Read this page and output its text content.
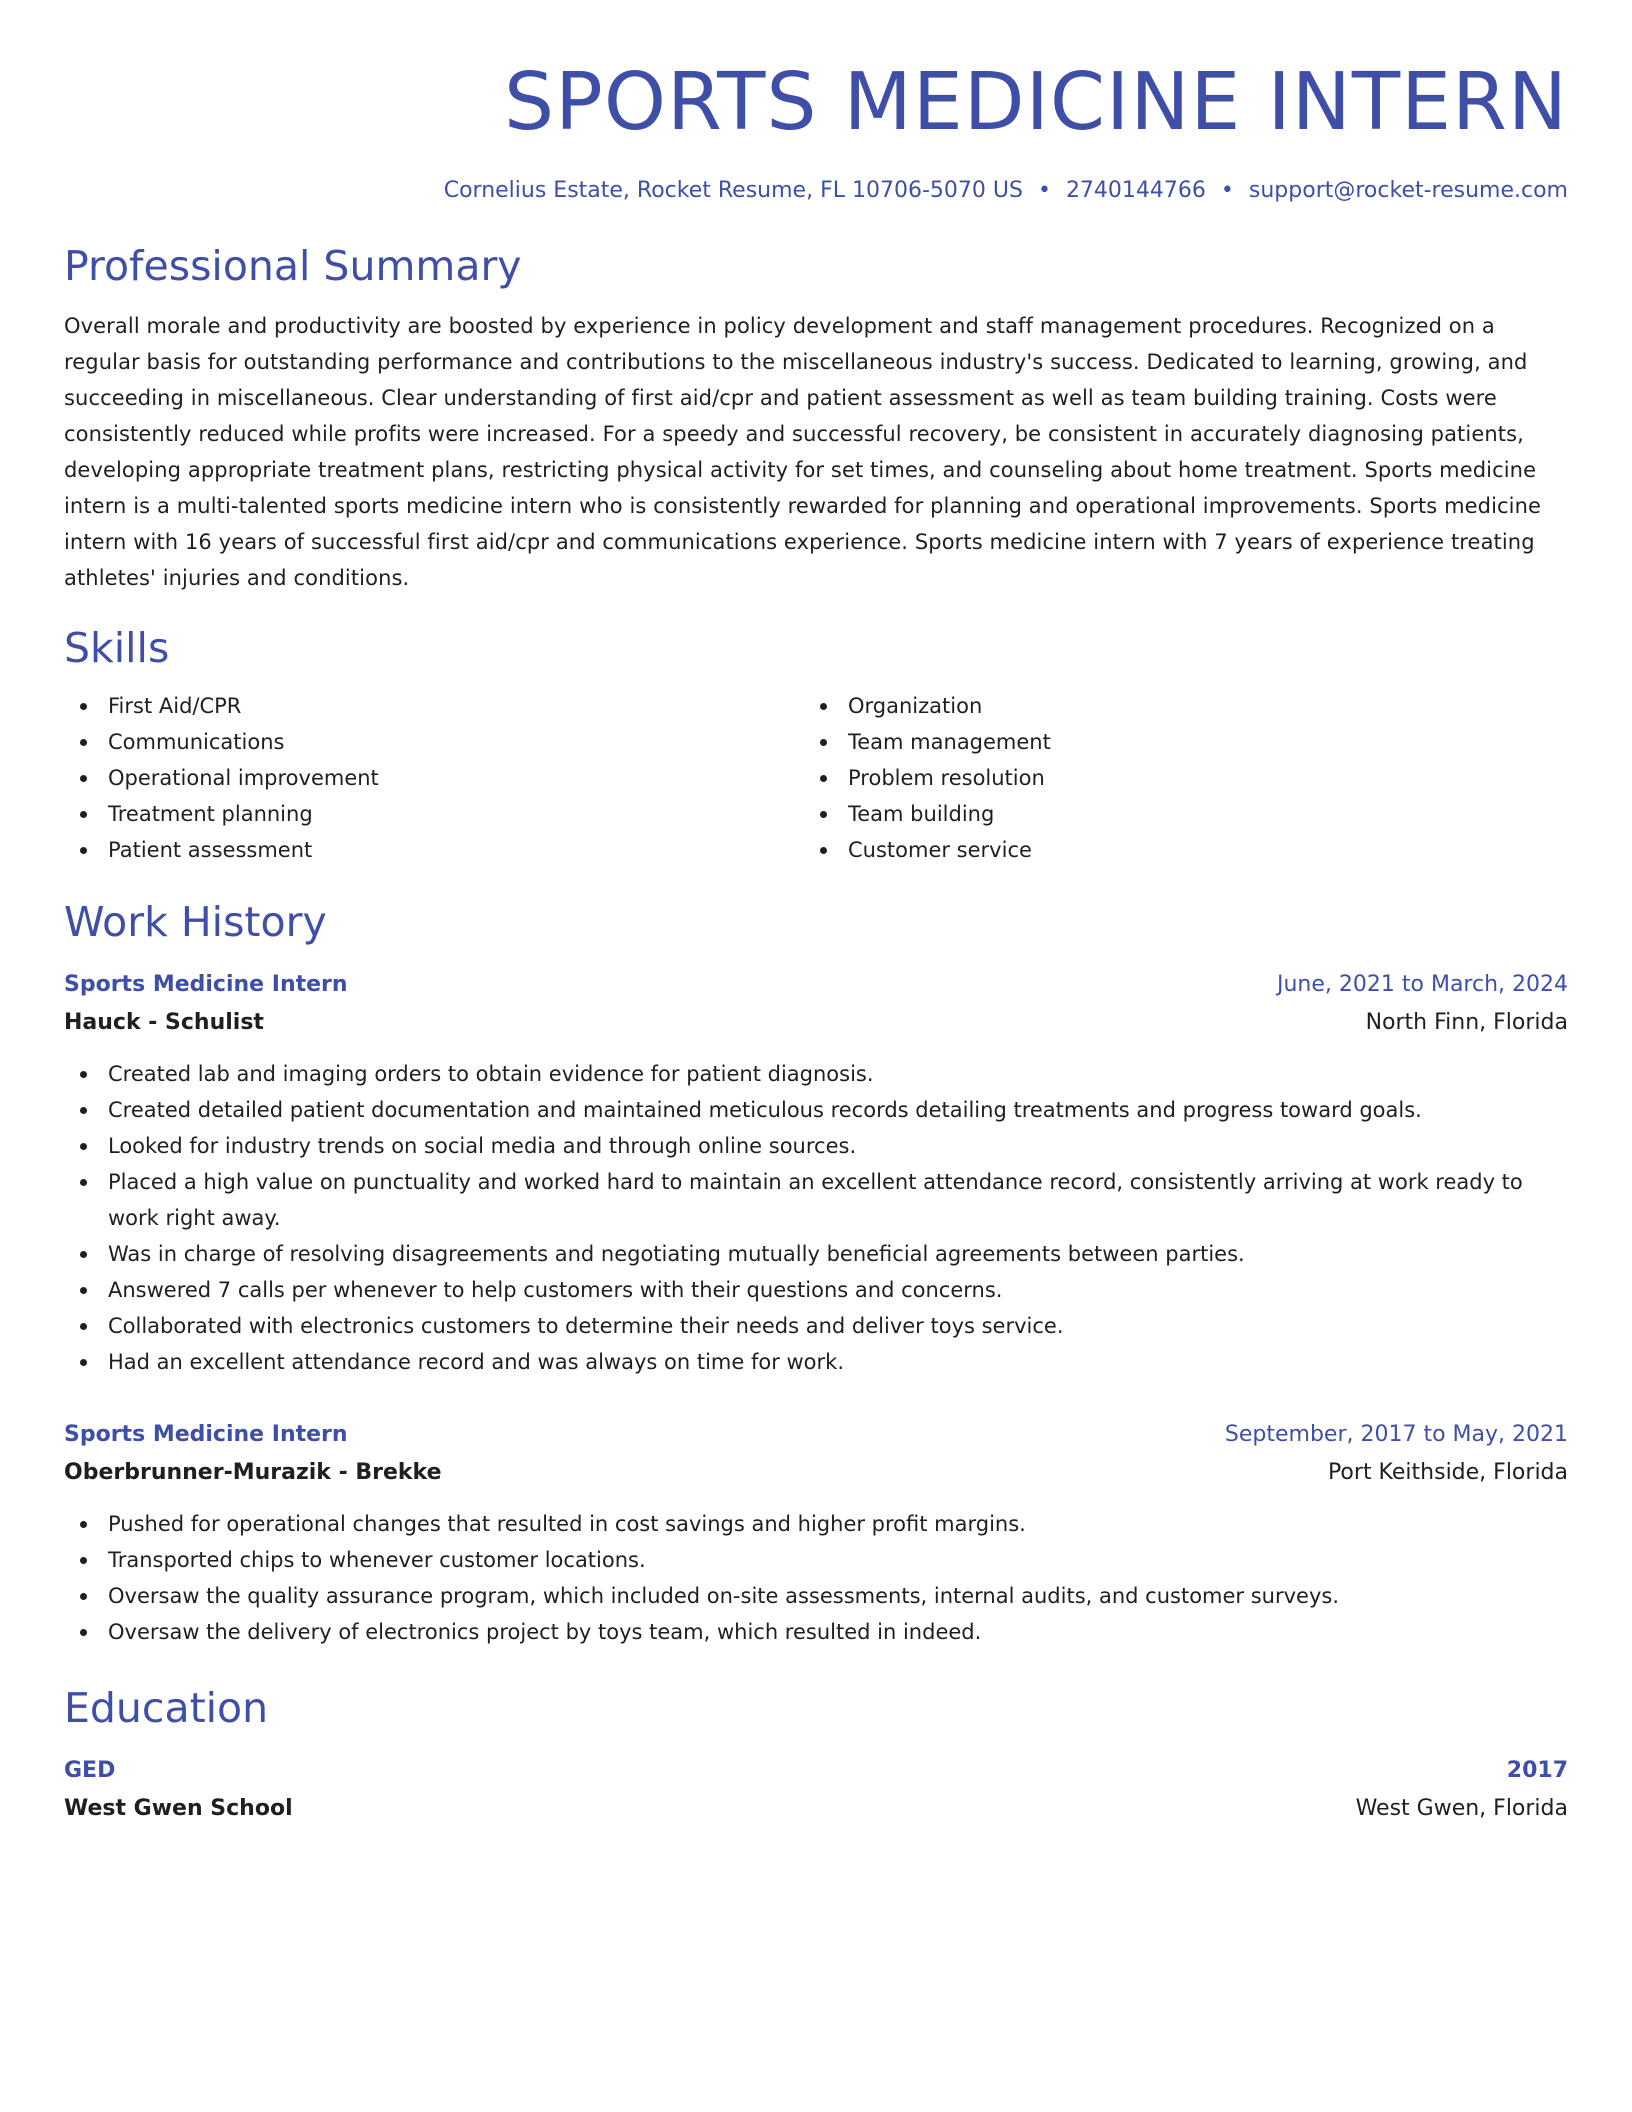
SPORTS MEDICINE INTERN
Cornelius Estate, Rocket Resume, FL 10706-5070 US • 2740144766 • support@rocket-resume.com
Professional Summary

Overall morale and productivity are boosted by experience in policy development and staff management procedures. Recognized on a regular basis for outstanding performance and contributions to the miscellaneous industry's success. Dedicated to learning, growing, and succeeding in miscellaneous. Clear understanding of first aid/cpr and patient assessment as well as team building training. Costs were consistently reduced while profits were increased. For a speedy and successful recovery, be consistent in accurately diagnosing patients, developing appropriate treatment plans, restricting physical activity for set times, and counseling about home treatment. Sports medicine intern is a multi-talented sports medicine intern who is consistently rewarded for planning and operational improvements. Sports medicine intern with 16 years of successful first aid/cpr and communications experience. Sports medicine intern with 7 years of experience treating athletes' injuries and conditions.

Skills
First Aid/CPR
Communications
Operational improvement
Treatment planning
Patient assessment
Organization
Team management
Problem resolution
Team building
Customer service
Work History
Sports Medicine Intern	June, 2021 to March, 2024
Hauck - Schulist	North Finn, Florida
Created lab and imaging orders to obtain evidence for patient diagnosis.
Created detailed patient documentation and maintained meticulous records detailing treatments and progress toward goals.
Looked for industry trends on social media and through online sources.
Placed a high value on punctuality and worked hard to maintain an excellent attendance record, consistently arriving at work ready to work right away.
Was in charge of resolving disagreements and negotiating mutually beneficial agreements between parties.
Answered 7 calls per whenever to help customers with their questions and concerns.
Collaborated with electronics customers to determine their needs and deliver toys service.
Had an excellent attendance record and was always on time for work.
Sports Medicine Intern	September, 2017 to May, 2021
Oberbrunner-Murazik - Brekke	Port Keithside, Florida
Pushed for operational changes that resulted in cost savings and higher profit margins.
Transported chips to whenever customer locations.
Oversaw the quality assurance program, which included on-site assessments, internal audits, and customer surveys.
Oversaw the delivery of electronics project by toys team, which resulted in indeed.
Education
GED	2017
West Gwen School	West Gwen, Florida
